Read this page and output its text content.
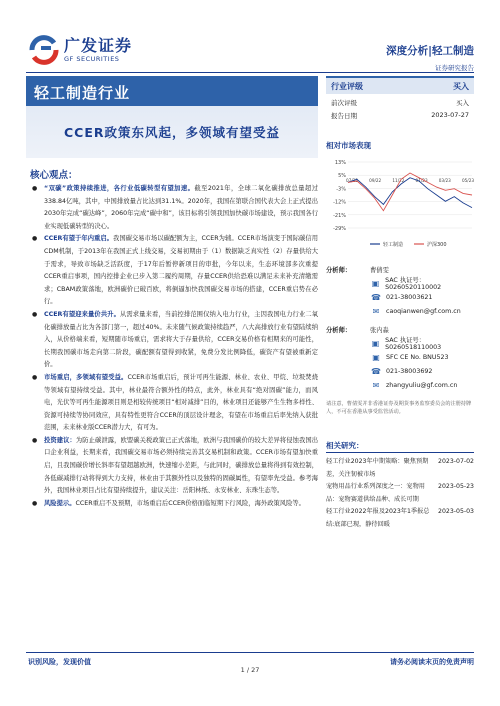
广发证券
GF SECURITIES
深度分析|轻工制造
证券研究报告
轻工制造行业
CCER政策东风起，多领域有望受益
行业评级	买入
前次评级	买入
报告日期	2023-07-27
核心观点：
● “双碳”政策持续推进，各行业低碳转型有望加速。截至2021年，全球二氧化碳排放总量超过338.84亿吨，其中，中国排放量占比达到31.1%。2020年，我国在第联合国代表大会上正式提出2030年完成“碳达峰”，2060年完成“碳中和”，该目标将引领我国加快碳市场建设，预示我国各行业实现低碳转型的决心。
● CCER有望于年内重启。我国碳交易市场以碳配额为主，CCER为辅。CCER市场演变于国际碳信用CDM机制，于2013年在我国正式上线交易，交易初期由于（1）数据缺乏真实性（2）存量供给大于需求，导致市场缺乏活跃度，于17年后暂停新项目的审批，今年以来，生态环境部多次重提CCER重启事项，国内控排企业已步入第二履约周期，存量CCER供给恐难以满足未来补充清缴需求；CBAM政策落地，欧洲碳价已破百欧，将倒逼加快我国碳交易市场的搭建，CCER重启势在必行。
● CCER有望迎来量价共升。从需求量来看，当前控排范围仅纳入电力行业，主因我国电力行业二氧化碳排放量占比为各部门第一，超过40%。未来随气候政策持续趋严，八大高排放行业有望陆续纳入，从价格端来看，短期随市场重启，需求将大于存量供给，CCER交易价格有相期来的可能性，长期我国碳市场走向第二阶段，碳配额有望得到收紧，免费分发比例降低，碳资产有望被重新定价。
● 市场重启，多领域有望受益。CCER市场重启后，预计可再生能源、林业、农业、甲烷、垃圾焚烧等领域有望持续受益。其中，林业最符合额外性的特点，此外，林业具有“绝对固碳”能力，而风电，光伏等可再生能源项目则是相较传统项目“相对减排”目的，林业项目还能够产生生物多样性、资源可持续等协同效应，具有特性更符合CCER的顶层设计理念，有望在市场重启后率先纳入获批范围，未来林业版CCER潜力大，有可为。
● 投资建议：为防止碳泄露，欧盟碳关税政策已正式落地，欧洲与我国碳价的较大差异将侵蚀我国出口企业利益，长期来看，我国碳交易市场必须持续完善其交易机制和政策。CCER市场有望加快重启，且我国碳价增长斜率有望超越欧洲，快速缩小差距，与此同时，碳排放总量将得到有效控制，各低碳减排行动将得到大力支持，林业由于其额外性以及独特的固碳属性，有望率先受益。参考海外，我国林业项目占比有望持续提升，建议关注：岳阳林纸、永安林业、东珠生态等。
● 风险提示。CCER重启不及预期，市场重启后CCER价格面临短期下行风险，海外政策风险等。
相对市场表现
13%
5%
-3%
-12%
-21%
-29%
07/22	09/22	11/22	01/23	03/23	05/23
轻工制造	沪深300
分析师：	曹倩雯
▣ SAC 执证号：S0260520110002
☎ 021-38003621
✉	caoqianwen@gf.com.cn
分析师：	张内淼
▣ SAC 执证号：S0260518110003
▣ SFC CE No. BNU523
☎ 021-38003692
✉	zhangyuliu@gf.com.cn
请注意，曹倩雯并非香港证券及期货事务监察委员会的注册持牌人，不可在香港从事受监管活动。
相关研究：
轻工行业2023年中期策略：聚焦预期差，关注韧被市场
2023-07-02
宠物用品行业系列深度之一：宠物用品：宠物赛道供给品种、成长可期
2023-05-23
轻工行业2022年报及2023年1季报总结:底部已现，静待回暖
2023-05-03
识别风险，发现价值	请务必阅读末页的免责声明
1 / 27
